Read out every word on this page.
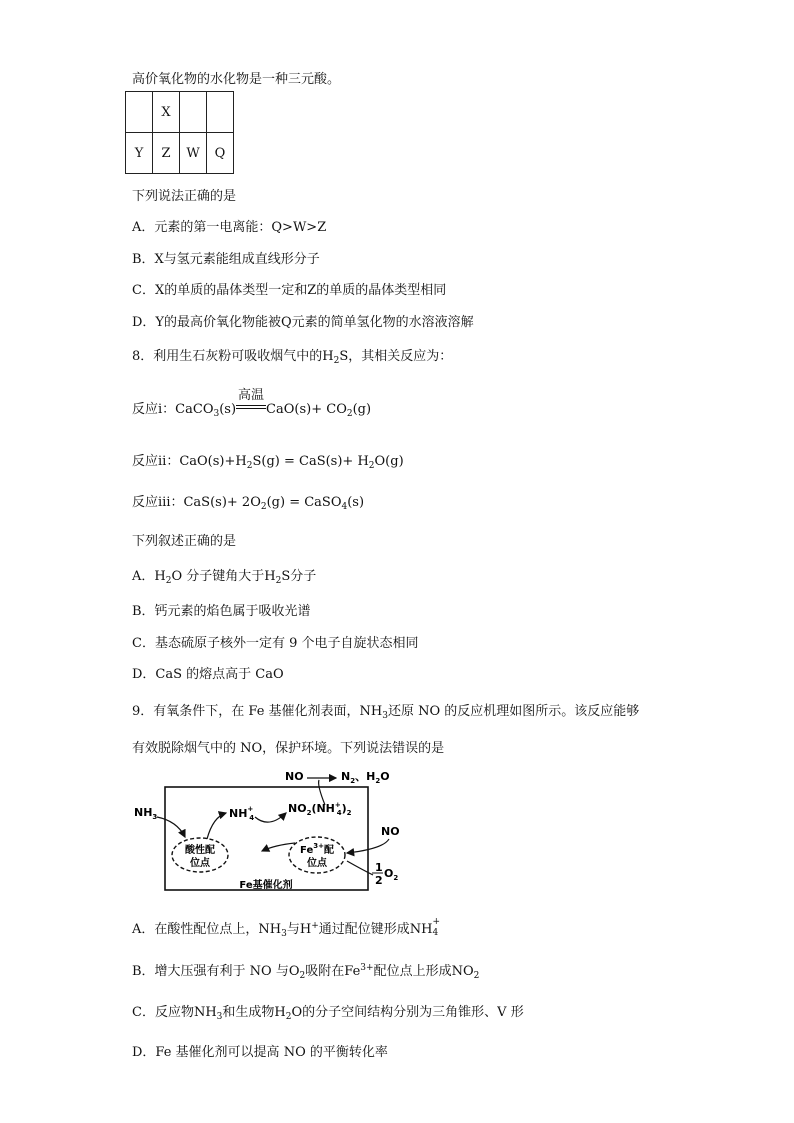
高价氧化物的水化物是一种三元酸。
	X		
Y	Z	W	Q
下列说法正确的是
A．元素的第一电离能：Q>W>Z
B．X与氢元素能组成直线形分子
C．X的单质的晶体类型一定和Z的单质的晶体类型相同
D．Y的最高价氧化物能被Q元素的简单氢化物的水溶液溶解
8．利用生石灰粉可吸收烟气中的$H_2S$，其相关反应为：
反应ⅰ：CaCO$_3$(s)
高温
$CaO(s)+ CO_2(g)$
反应ⅱ：$CaO(s)+H_2S(g) = CaS(s)+ H_2O(g)$
反应ⅲ：$CaS(s)+ 2O_2(g)$ = CaSO$_4$(s)
下列叙述正确的是
A．$H_2O$ 分子键角大于$H_2S$分子
B．钙元素的焰色属于吸收光谱
C．基态硫原子核外一定有 9 个电子自旋状态相同
D．CaS 的熔点高于 CaO
9．有氧条件下，在 Fe 基催化剂表面，$NH_3$还原 NO 的反应机理如图所示。该反应能够
有效脱除烟气中的 NO，保护环境。下列说法错误的是
$NH_3$	NH+ 4
$NO_2(NH^+$ $4)_2$
NO	$N_2$、$H_2O$
NO
1
2
$O_2$
酸性配
位点
$Fe^{3+}$配
位点
Fe基催化剂
A．在酸性配位点上，$NH_3$与H+通过配位键形成NH +
4
B．增大压强有利于 NO 与$O_2$吸附在$Fe^{3+}$配位点上形成$NO_2$
C．反应物$NH_3$和生成物$H_2O$的分子空间结构分别为三角锥形、V 形
D．Fe 基催化剂可以提高 NO 的平衡转化率
